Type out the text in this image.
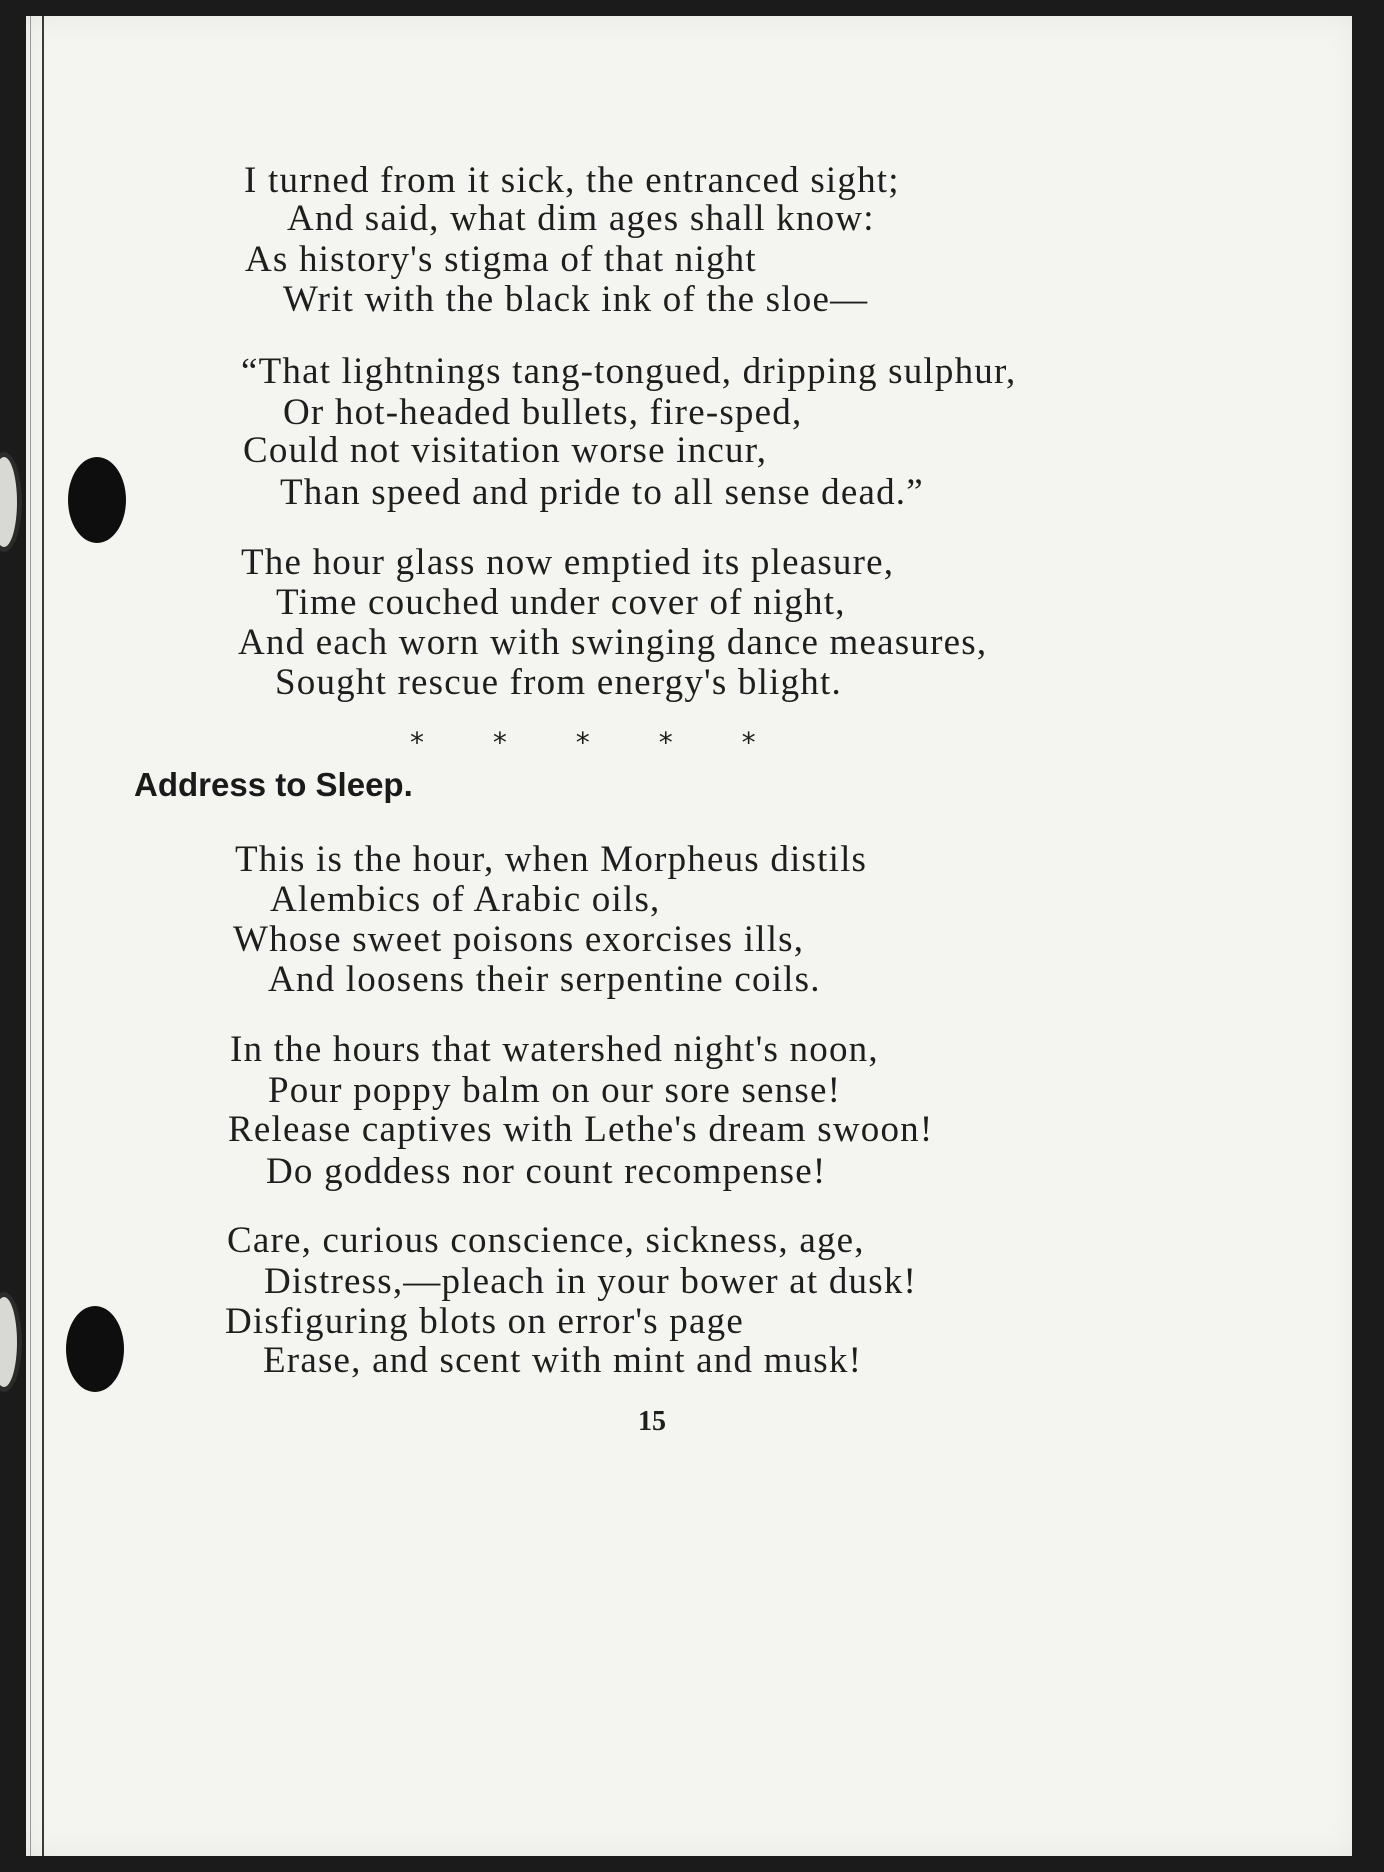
I turned from it sick, the entranced sight;
And said, what dim ages shall know:
As history's stigma of that night
Writ with the black ink of the sloe—
“That lightnings tang-tongued, dripping sulphur,
Or hot-headed bullets, fire-sped,
Could not visitation worse incur,
Than speed and pride to all sense dead.”
The hour glass now emptied its pleasure,
Time couched under cover of night,
And each worn with swinging dance measures,
Sought rescue from energy's blight.
* * * * *
Address to Sleep.
This is the hour, when Morpheus distils
Alembics of Arabic oils,
Whose sweet poisons exorcises ills,
And loosens their serpentine coils.
In the hours that watershed night's noon,
Pour poppy balm on our sore sense!
Release captives with Lethe's dream swoon!
Do goddess nor count recompense!
Care, curious conscience, sickness, age,
Distress,—pleach in your bower at dusk!
Disfiguring blots on error's page
Erase, and scent with mint and musk!
15
